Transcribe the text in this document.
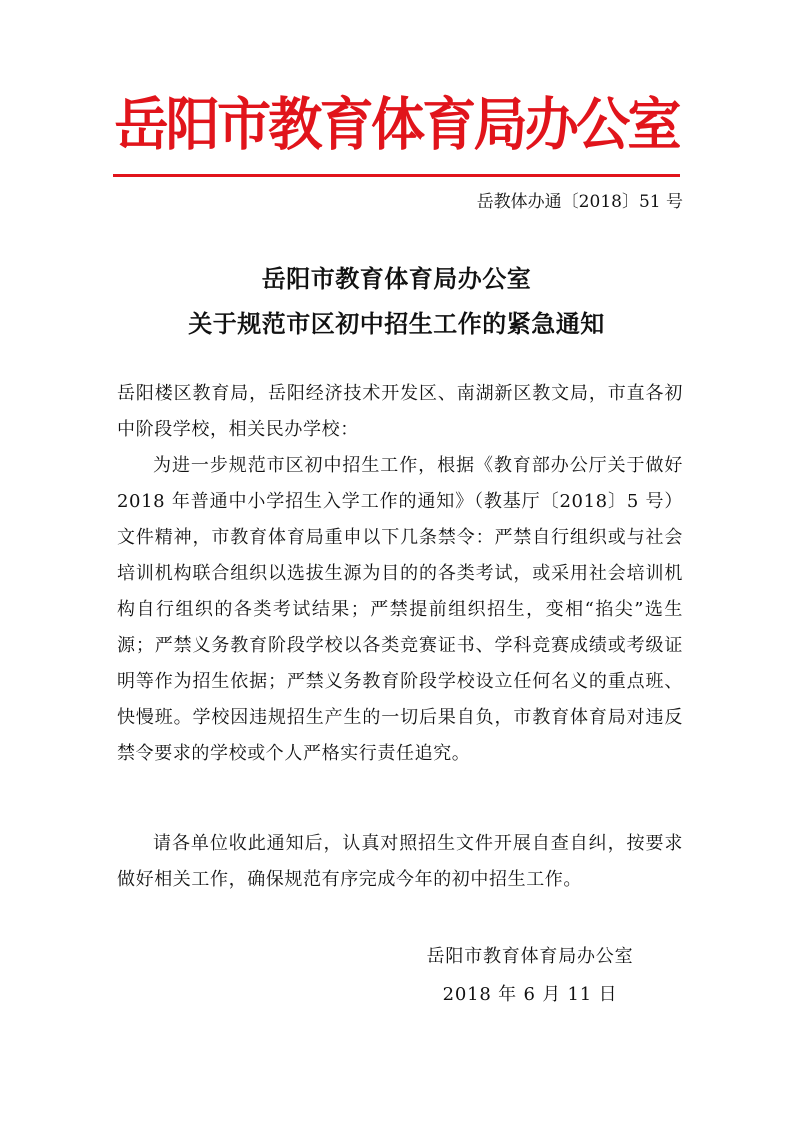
岳阳市教育体育局办公室
岳教体办通〔2018〕51 号
岳阳市教育体育局办公室
关于规范市区初中招生工作的紧急通知
岳阳楼区教育局，岳阳经济技术开发区、南湖新区教文局，市直各初中阶段学校，相关民办学校：
为进一步规范市区初中招生工作，根据《教育部办公厅关于做好 2018 年普通中小学招生入学工作的通知》（教基厅〔2018〕5 号）文件精神，市教育体育局重申以下几条禁令：严禁自行组织或与社会培训机构联合组织以选拔生源为目的的各类考试，或采用社会培训机构自行组织的各类考试结果；严禁提前组织招生，变相“掐尖”选生源；严禁义务教育阶段学校以各类竞赛证书、学科竞赛成绩或考级证明等作为招生依据；严禁义务教育阶段学校设立任何名义的重点班、快慢班。学校因违规招生产生的一切后果自负，市教育体育局对违反禁令要求的学校或个人严格实行责任追究。
请各单位收此通知后，认真对照招生文件开展自查自纠，按要求做好相关工作，确保规范有序完成今年的初中招生工作。
岳阳市教育体育局办公室
2018 年 6 月 11 日
